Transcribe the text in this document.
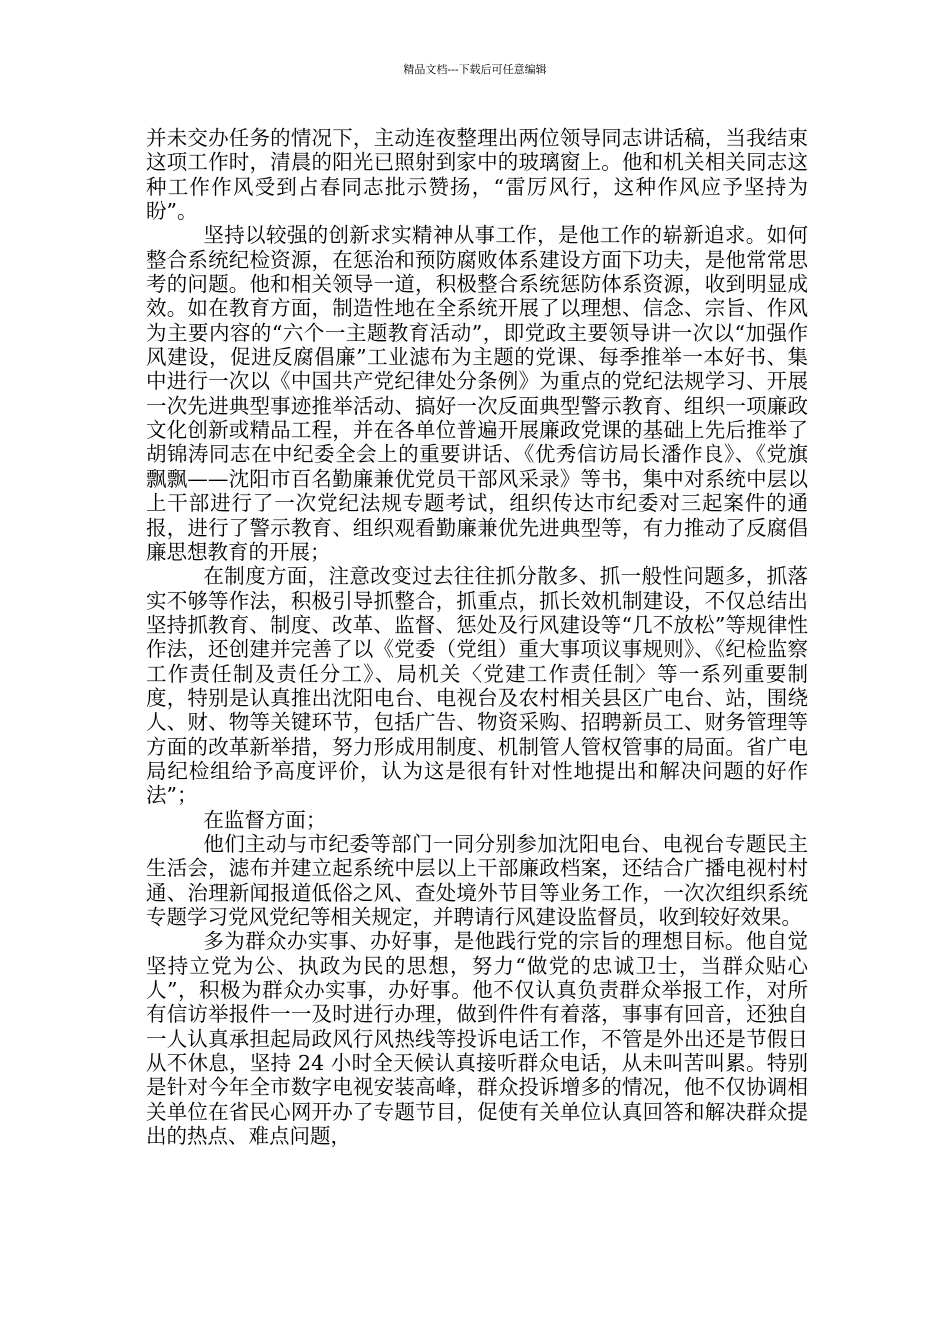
精品文档---下载后可任意编辑

并未交办任务的情况下，主动连夜整理出两位领导同志讲话稿，当我结束这项工作时，清晨的阳光已照射到家中的玻璃窗上。他和机关相关同志这种工作作风受到占春同志批示赞扬，“雷厉风行，这种作风应予坚持为盼”。

坚持以较强的创新求实精神从事工作，是他工作的崭新追求。如何整合系统纪检资源，在惩治和预防腐败体系建设方面下功夫，是他常常思考的问题。他和相关领导一道，积极整合系统惩防体系资源，收到明显成效。如在教育方面，制造性地在全系统开展了以理想、信念、宗旨、作风为主要内容的“六个一主题教育活动”，即党政主要领导讲一次以“加强作风建设，促进反腐倡廉”工业滤布为主题的党课、每季推举一本好书、集中进行一次以《中国共产党纪律处分条例》为重点的党纪法规学习、开展一次先进典型事迹推举活动、搞好一次反面典型警示教育、组织一项廉政文化创新或精品工程，并在各单位普遍开展廉政党课的基础上先后推举了胡锦涛同志在中纪委全会上的重要讲话、《优秀信访局长潘作良》、《党旗飘飘——沈阳市百名勤廉兼优党员干部风采录》等书，集中对系统中层以上干部进行了一次党纪法规专题考试，组织传达市纪委对三起案件的通报，进行了警示教育、组织观看勤廉兼优先进典型等，有力推动了反腐倡廉思想教育的开展；

在制度方面，注意改变过去往往抓分散多、抓一般性问题多，抓落实不够等作法，积极引导抓整合，抓重点，抓长效机制建设，不仅总结出坚持抓教育、制度、改革、监督、惩处及行风建设等“几不放松”等规律性作法，还创建并完善了以《党委（党组）重大事项议事规则》、《纪检监察工作责任制及责任分工》、局机关〈党建工作责任制〉等一系列重要制度，特别是认真推出沈阳电台、电视台及农村相关县区广电台、站，围绕人、财、物等关键环节，包括广告、物资采购、招聘新员工、财务管理等方面的改革新举措，努力形成用制度、机制管人管权管事的局面。省广电局纪检组给予高度评价，认为这是很有针对性地提出和解决问题的好作法”；

在监督方面；

他们主动与市纪委等部门一同分别参加沈阳电台、电视台专题民主生活会，滤布并建立起系统中层以上干部廉政档案，还结合广播电视村村通、治理新闻报道低俗之风、查处境外节目等业务工作，一次次组织系统专题学习党风党纪等相关规定，并聘请行风建设监督员，收到较好效果。

多为群众办实事、办好事，是他践行党的宗旨的理想目标。他自觉坚持立党为公、执政为民的思想，努力“做党的忠诚卫士，当群众贴心人”，积极为群众办实事，办好事。他不仅认真负责群众举报工作，对所有信访举报件一一及时进行办理，做到件件有着落，事事有回音，还独自一人认真承担起局政风行风热线等投诉电话工作，不管是外出还是节假日从不休息，坚持 24 小时全天候认真接听群众电话，从未叫苦叫累。特别是针对今年全市数字电视安装高峰，群众投诉增多的情况，他不仅协调相关单位在省民心网开办了专题节目，促使有关单位认真回答和解决群众提出的热点、难点问题，
